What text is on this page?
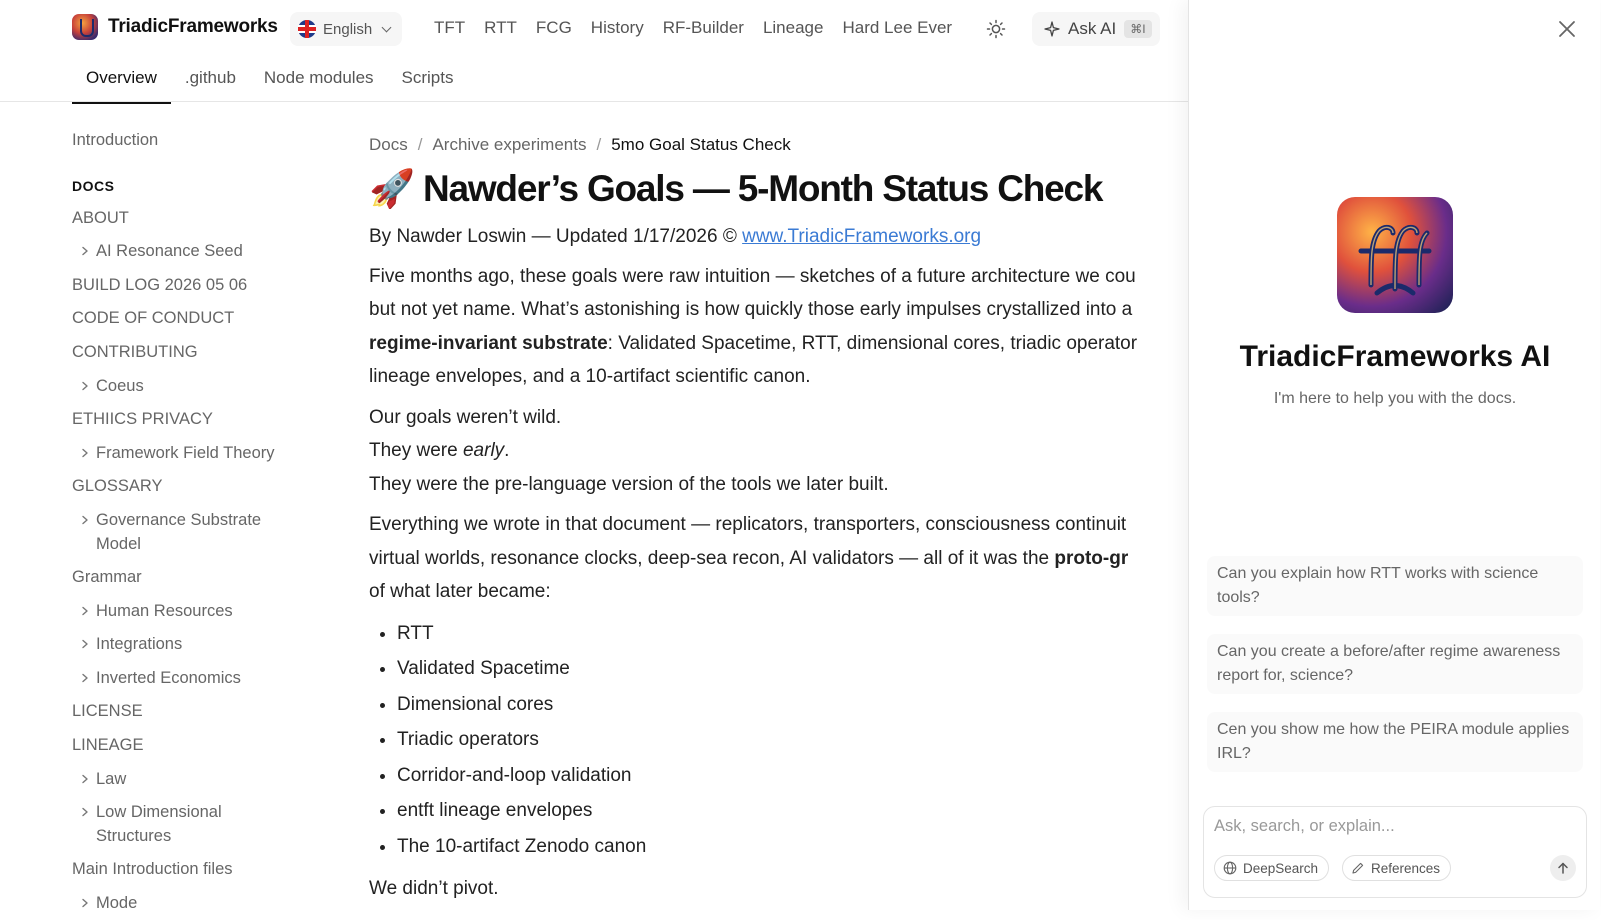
TriadicFrameworks	English	TFT RTT FCG History RF-Builder Lineage Hard Lee Ever	Ask AI	⌘I
Overview	.github	Node modules	Scripts
Introduction
DOCS
ABOUT
AI Resonance Seed
BUILD LOG 2026 05 06
CODE OF CONDUCT
CONTRIBUTING
Coeus
ETHIICS PRIVACY
Framework Field Theory
GLOSSARY
Governance Substrate Model
Grammar
Human Resources
Integrations
Inverted Economics
LICENSE
LINEAGE
Law
Low Dimensional Structures
Main Introduction files
Mode
Docs / Archive experiments / 5mo Goal Status Check
🚀 Nawder’s Goals — 5-Month Status Check
By Nawder Loswin — Updated 1/17/2026 © www.TriadicFrameworks.org
Five months ago, these goals were raw intuition — sketches of a future architecture we cou
but not yet name. What’s astonishing is how quickly those early impulses crystallized into a
regime-invariant substrate: Validated Spacetime, RTT, dimensional cores, triadic operator
lineage envelopes, and a 10-artifact scientific canon.
Our goals weren’t wild.
They were early.
They were the pre-language version of the tools we later built.
Everything we wrote in that document — replicators, transporters, consciousness continuit
virtual worlds, resonance clocks, deep-sea recon, AI validators — all of it was the proto-gr
of what later became:
• RTT
• Validated Spacetime
• Dimensional cores
• Triadic operators
• Corridor-and-loop validation
• entft lineage envelopes
• The 10-artifact Zenodo canon
We didn’t pivot.
TriadicFrameworks AI
I'm here to help you with the docs.
Can you explain how RTT works with science tools?
Can you create a before/after regime awareness report for, science?
Cen you show me how the PEIRA module applies IRL?
Ask, search, or explain...
DeepSearch	References
